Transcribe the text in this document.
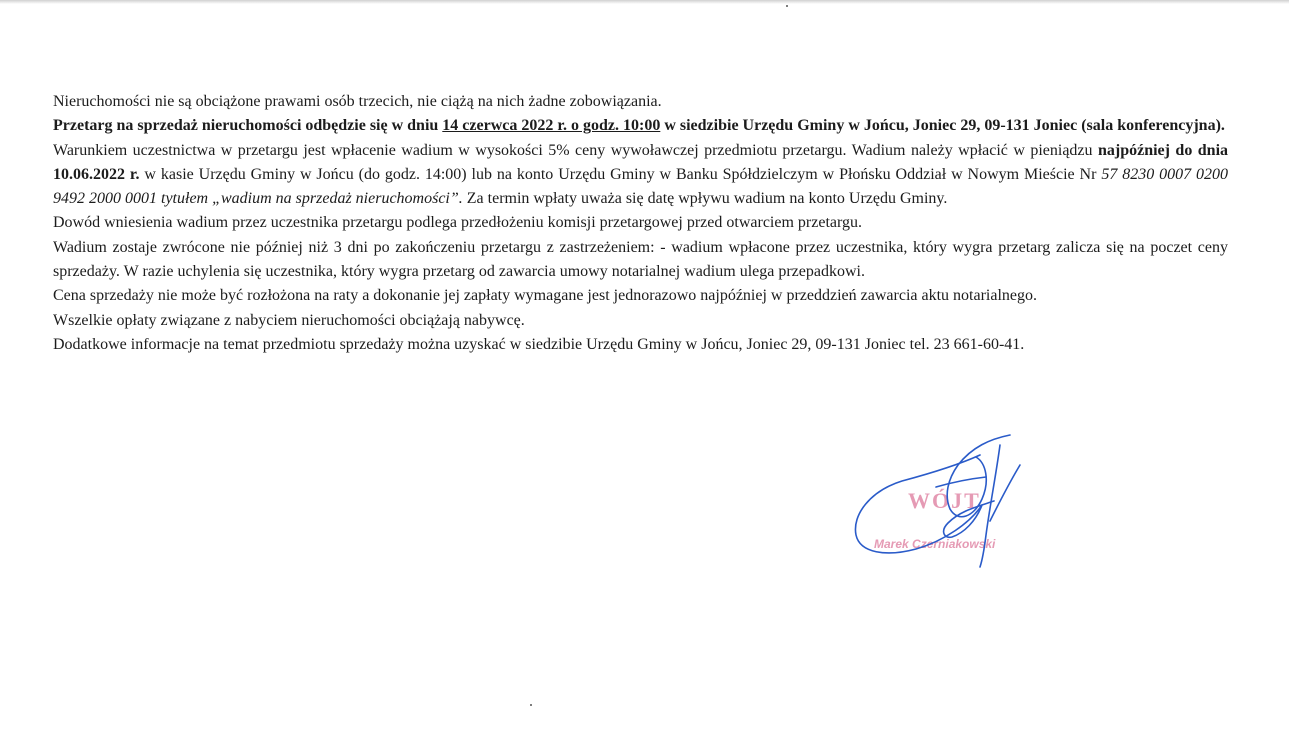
Nieruchomości nie są obciążone prawami osób trzecich, nie ciążą na nich żadne zobowiązania.

Przetarg na sprzedaż nieruchomości odbędzie się w dniu 14 czerwca 2022 r. o godz. 10:00 w siedzibie Urzędu Gminy w Jońcu, Joniec 29, 09-131 Joniec (sala konferencyjna).

Warunkiem uczestnictwa w przetargu jest wpłacenie wadium w wysokości 5% ceny wywoławczej przedmiotu przetargu. Wadium należy wpłacić w pieniądzu najpóźniej do dnia 10.06.2022 r. w kasie Urzędu Gminy w Jońcu (do godz. 14:00) lub na konto Urzędu Gminy w Banku Spółdzielczym w Płońsku Oddział w Nowym Mieście Nr 57 8230 0007 0200 9492 2000 0001 tytułem „wadium na sprzedaż nieruchomości”. Za termin wpłaty uważa się datę wpływu wadium na konto Urzędu Gminy.

Dowód wniesienia wadium przez uczestnika przetargu podlega przedłożeniu komisji przetargowej przed otwarciem przetargu.

Wadium zostaje zwrócone nie później niż 3 dni po zakończeniu przetargu z zastrzeżeniem: - wadium wpłacone przez uczestnika, który wygra przetarg zalicza się na poczet ceny sprzedaży. W razie uchylenia się uczestnika, który wygra przetarg od zawarcia umowy notarialnej wadium ulega przepadkowi.

Cena sprzedaży nie może być rozłożona na raty a dokonanie jej zapłaty wymagane jest jednorazowo najpóźniej w przeddzień zawarcia aktu notarialnego.

Wszelkie opłaty związane z nabyciem nieruchomości obciążają nabywcę.

Dodatkowe informacje na temat przedmiotu sprzedaży można uzyskać w siedzibie Urzędu Gminy w Jońcu, Joniec 29, 09-131 Joniec tel. 23 661-60-41.

WÓJT
Marek Czerniakowski
